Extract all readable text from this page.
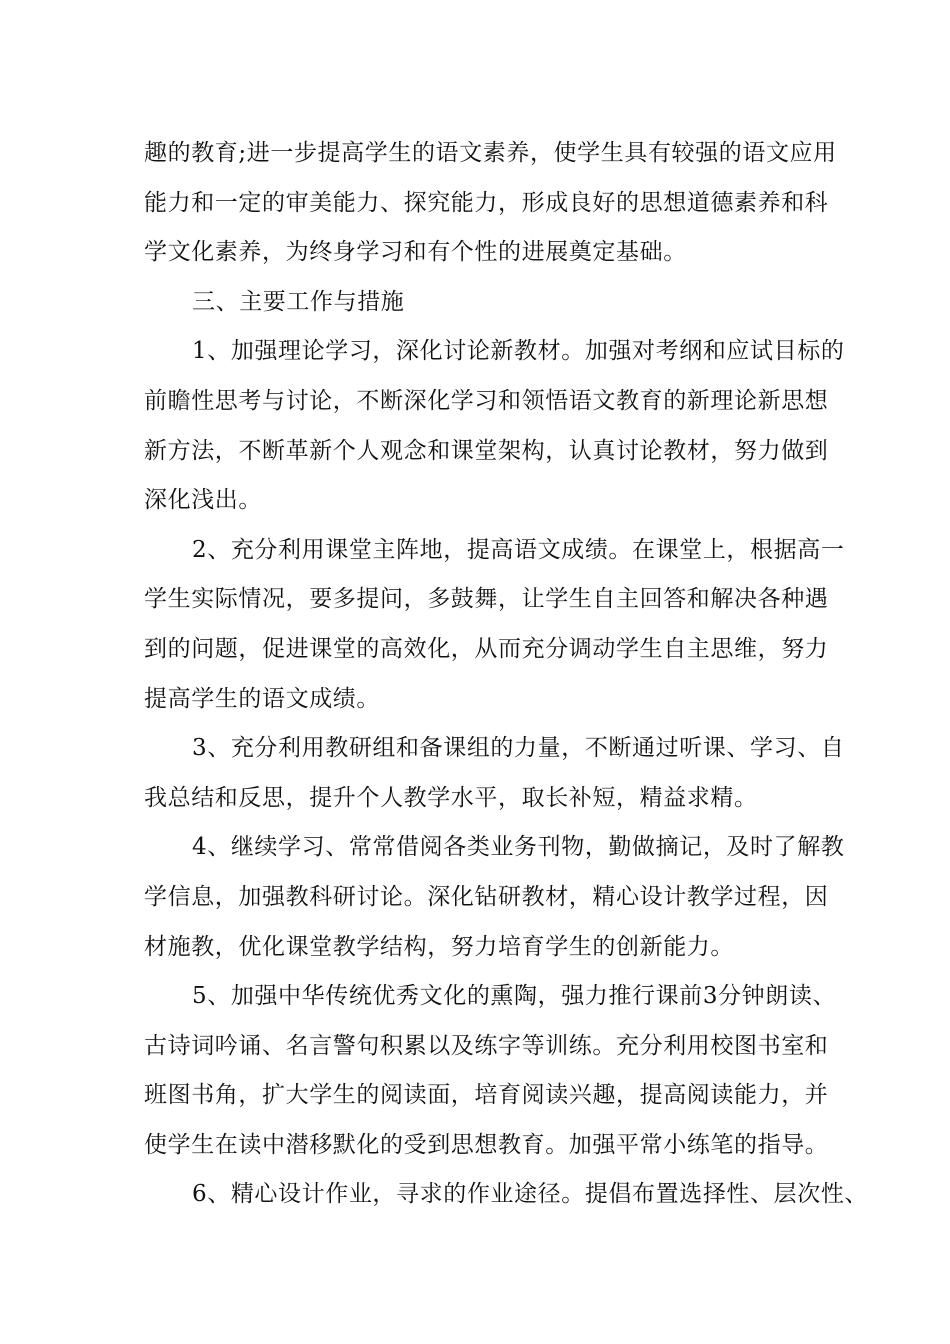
趣的教育;进一步提高学生的语文素养，使学生具有较强的语文应用
能力和一定的审美能力、探究能力，形成良好的思想道德素养和科
学文化素养，为终身学习和有个性的进展奠定基础。
三、主要工作与措施
1、加强理论学习，深化讨论新教材。加强对考纲和应试目标的
前瞻性思考与讨论，不断深化学习和领悟语文教育的新理论新思想
新方法，不断革新个人观念和课堂架构，认真讨论教材，努力做到
深化浅出。
2、充分利用课堂主阵地，提高语文成绩。在课堂上，根据高一
学生实际情况，要多提问，多鼓舞，让学生自主回答和解决各种遇
到的问题，促进课堂的高效化，从而充分调动学生自主思维，努力
提高学生的语文成绩。
3、充分利用教研组和备课组的力量，不断通过听课、学习、自
我总结和反思，提升个人教学水平，取长补短，精益求精。
4、继续学习、常常借阅各类业务刊物，勤做摘记，及时了解教
学信息，加强教科研讨论。深化钻研教材，精心设计教学过程，因
材施教，优化课堂教学结构，努力培育学生的创新能力。
5、加强中华传统优秀文化的熏陶，强力推行课前3分钟朗读、
古诗词吟诵、名言警句积累以及练字等训练。充分利用校图书室和
班图书角，扩大学生的阅读面，培育阅读兴趣，提高阅读能力，并
使学生在读中潜移默化的受到思想教育。加强平常小练笔的指导。
6、精心设计作业，寻求的作业途径。提倡布置选择性、层次性、
